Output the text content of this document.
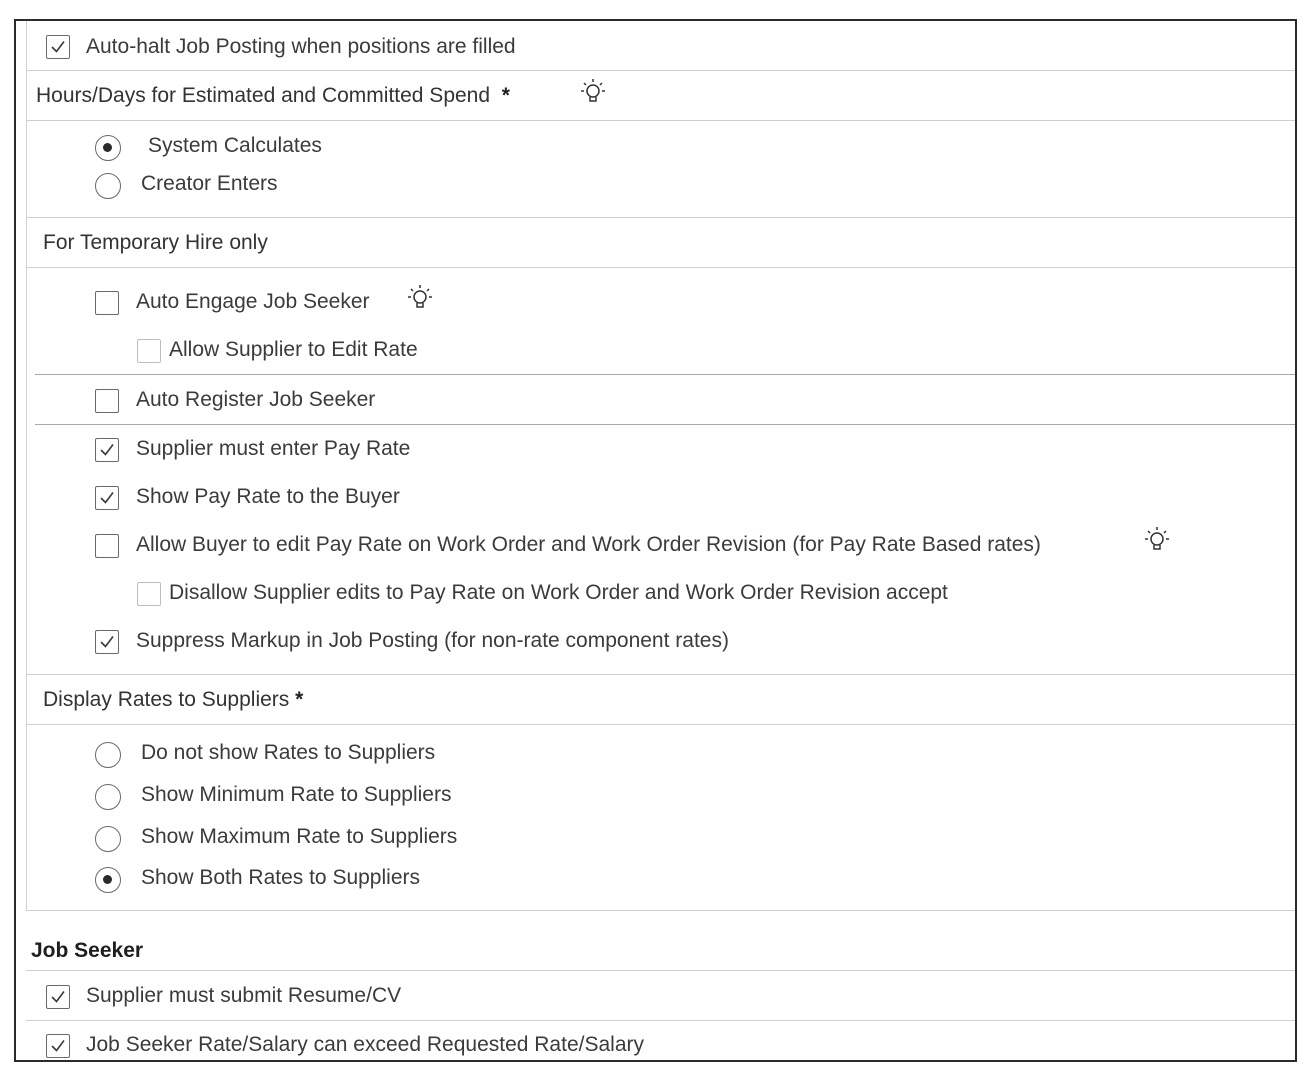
Auto-halt Job Posting when positions are filled
Hours/Days for Estimated and Committed Spend *
System Calculates
Creator Enters
For Temporary Hire only
Auto Engage Job Seeker
Allow Supplier to Edit Rate
Auto Register Job Seeker
Supplier must enter Pay Rate
Show Pay Rate to the Buyer
Allow Buyer to edit Pay Rate on Work Order and Work Order Revision (for Pay Rate Based rates)
Disallow Supplier edits to Pay Rate on Work Order and Work Order Revision accept
Suppress Markup in Job Posting (for non-rate component rates)
Display Rates to Suppliers *
Do not show Rates to Suppliers
Show Minimum Rate to Suppliers
Show Maximum Rate to Suppliers
Show Both Rates to Suppliers
Job Seeker
Supplier must submit Resume/CV
Job Seeker Rate/Salary can exceed Requested Rate/Salary
